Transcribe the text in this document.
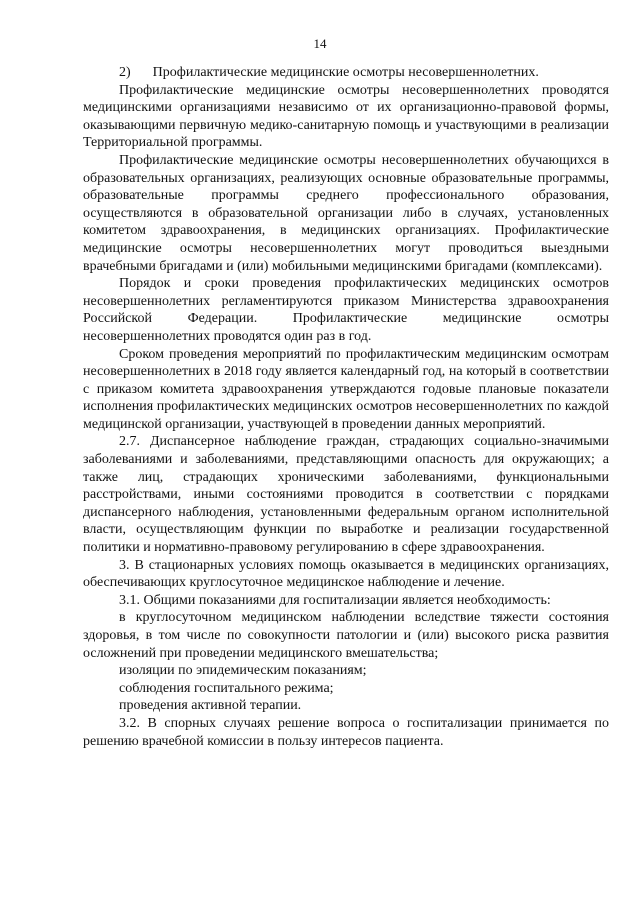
14

2) Профилактические медицинские осмотры несовершеннолетних.

Профилактические медицинские осмотры несовершеннолетних проводятся медицинскими организациями независимо от их организационно-правовой формы, оказывающими первичную медико-санитарную помощь и участвующими в реализации Территориальной программы.

Профилактические медицинские осмотры несовершеннолетних обучающихся в образовательных организациях, реализующих основные образовательные программы, образовательные программы среднего профессионального образования, осуществляются в образовательной организации либо в случаях, установленных комитетом здравоохранения, в медицинских организациях. Профилактические медицинские осмотры несовершеннолетних могут проводиться выездными врачебными бригадами и (или) мобильными медицинскими бригадами (комплексами).

Порядок и сроки проведения профилактических медицинских осмотров несовершеннолетних регламентируются приказом Министерства здравоохранения Российской Федерации. Профилактические медицинские осмотры несовершеннолетних проводятся один раз в год.

Сроком проведения мероприятий по профилактическим медицинским осмотрам несовершеннолетних в 2018 году является календарный год, на который в соответствии с приказом комитета здравоохранения утверждаются годовые плановые показатели исполнения профилактических медицинских осмотров несовершеннолетних по каждой медицинской организации, участвующей в проведении данных мероприятий.

2.7. Диспансерное наблюдение граждан, страдающих социально-значимыми заболеваниями и заболеваниями, представляющими опасность для окружающих; а также лиц, страдающих хроническими заболеваниями, функциональными расстройствами, иными состояниями проводится в соответствии с порядками диспансерного наблюдения, установленными федеральным органом исполнительной власти, осуществляющим функции по выработке и реализации государственной политики и нормативно-правовому регулированию в сфере здравоохранения.

3. В стационарных условиях помощь оказывается в медицинских организациях, обеспечивающих круглосуточное медицинское наблюдение и лечение.

3.1. Общими показаниями для госпитализации является необходимость:

в круглосуточном медицинском наблюдении вследствие тяжести состояния здоровья, в том числе по совокупности патологии и (или) высокого риска развития осложнений при проведении медицинского вмешательства;

изоляции по эпидемическим показаниям;

соблюдения госпитального режима;

проведения активной терапии.

3.2. В спорных случаях решение вопроса о госпитализации принимается по решению врачебной комиссии в пользу интересов пациента.
